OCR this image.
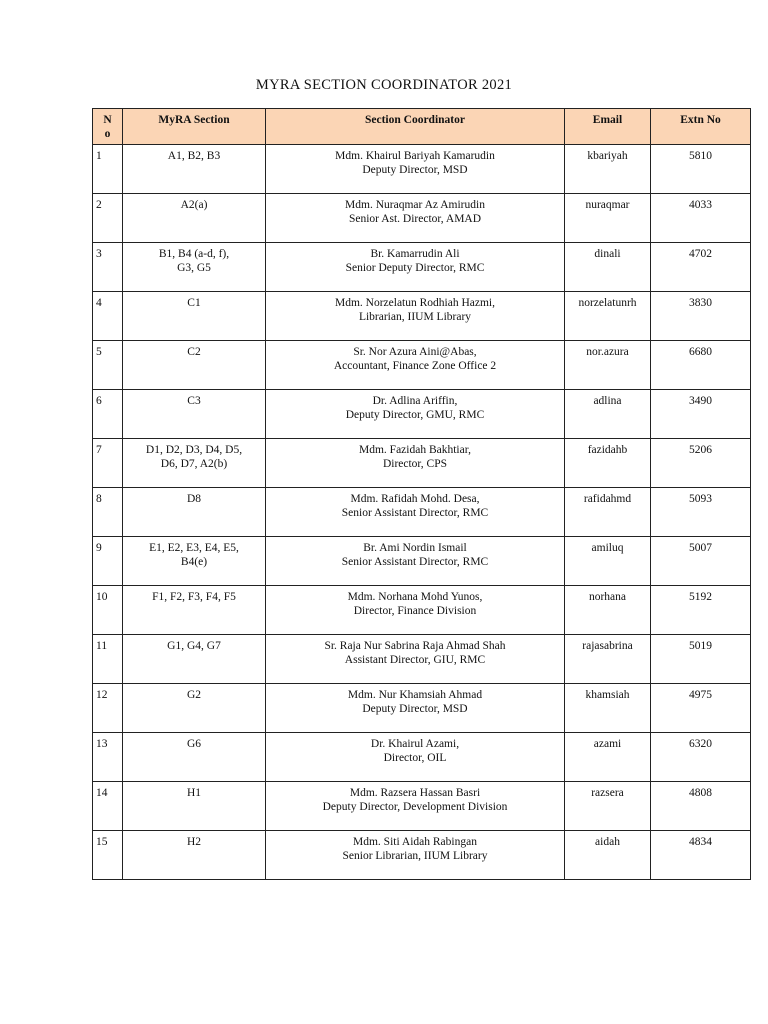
MYRA SECTION COORDINATOR 2021
N
o	MyRA Section	Section Coordinator	Email	Extn No
1	A1, B2, B3	Mdm. Khairul Bariyah Kamarudin
Deputy Director, MSD	kbariyah	5810
2	A2(a)	Mdm. Nuraqmar Az Amirudin
Senior Ast. Director, AMAD	nuraqmar	4033
3	B1, B4 (a-d, f),
G3, G5	Br. Kamarrudin Ali
Senior Deputy Director, RMC	dinali	4702
4	C1	Mdm. Norzelatun Rodhiah Hazmi,
Librarian, IIUM Library	norzelatunrh	3830
5	C2	Sr. Nor Azura Aini@Abas,
Accountant, Finance Zone Office 2	nor.azura	6680
6	C3	Dr. Adlina Ariffin,
Deputy Director, GMU, RMC	adlina	3490
7	D1, D2, D3, D4, D5,
D6, D7, A2(b)	Mdm. Fazidah Bakhtiar,
Director, CPS	fazidahb	5206
8	D8	Mdm. Rafidah Mohd. Desa,
Senior Assistant Director, RMC	rafidahmd	5093
9	E1, E2, E3, E4, E5,
B4(e)	Br. Ami Nordin Ismail
Senior Assistant Director, RMC	amiluq	5007
10	F1, F2, F3, F4, F5	Mdm. Norhana Mohd Yunos,
Director, Finance Division	norhana	5192
11	G1, G4, G7	Sr. Raja Nur Sabrina Raja Ahmad Shah
Assistant Director, GIU, RMC	rajasabrina	5019
12	G2	Mdm. Nur Khamsiah Ahmad
Deputy Director, MSD	khamsiah	4975
13	G6	Dr. Khairul Azami,
Director, OIL	azami	6320
14	H1	Mdm. Razsera Hassan Basri
Deputy Director, Development Division	razsera	4808
15	H2	Mdm. Siti Aidah Rabingan
Senior Librarian, IIUM Library	aidah	4834
